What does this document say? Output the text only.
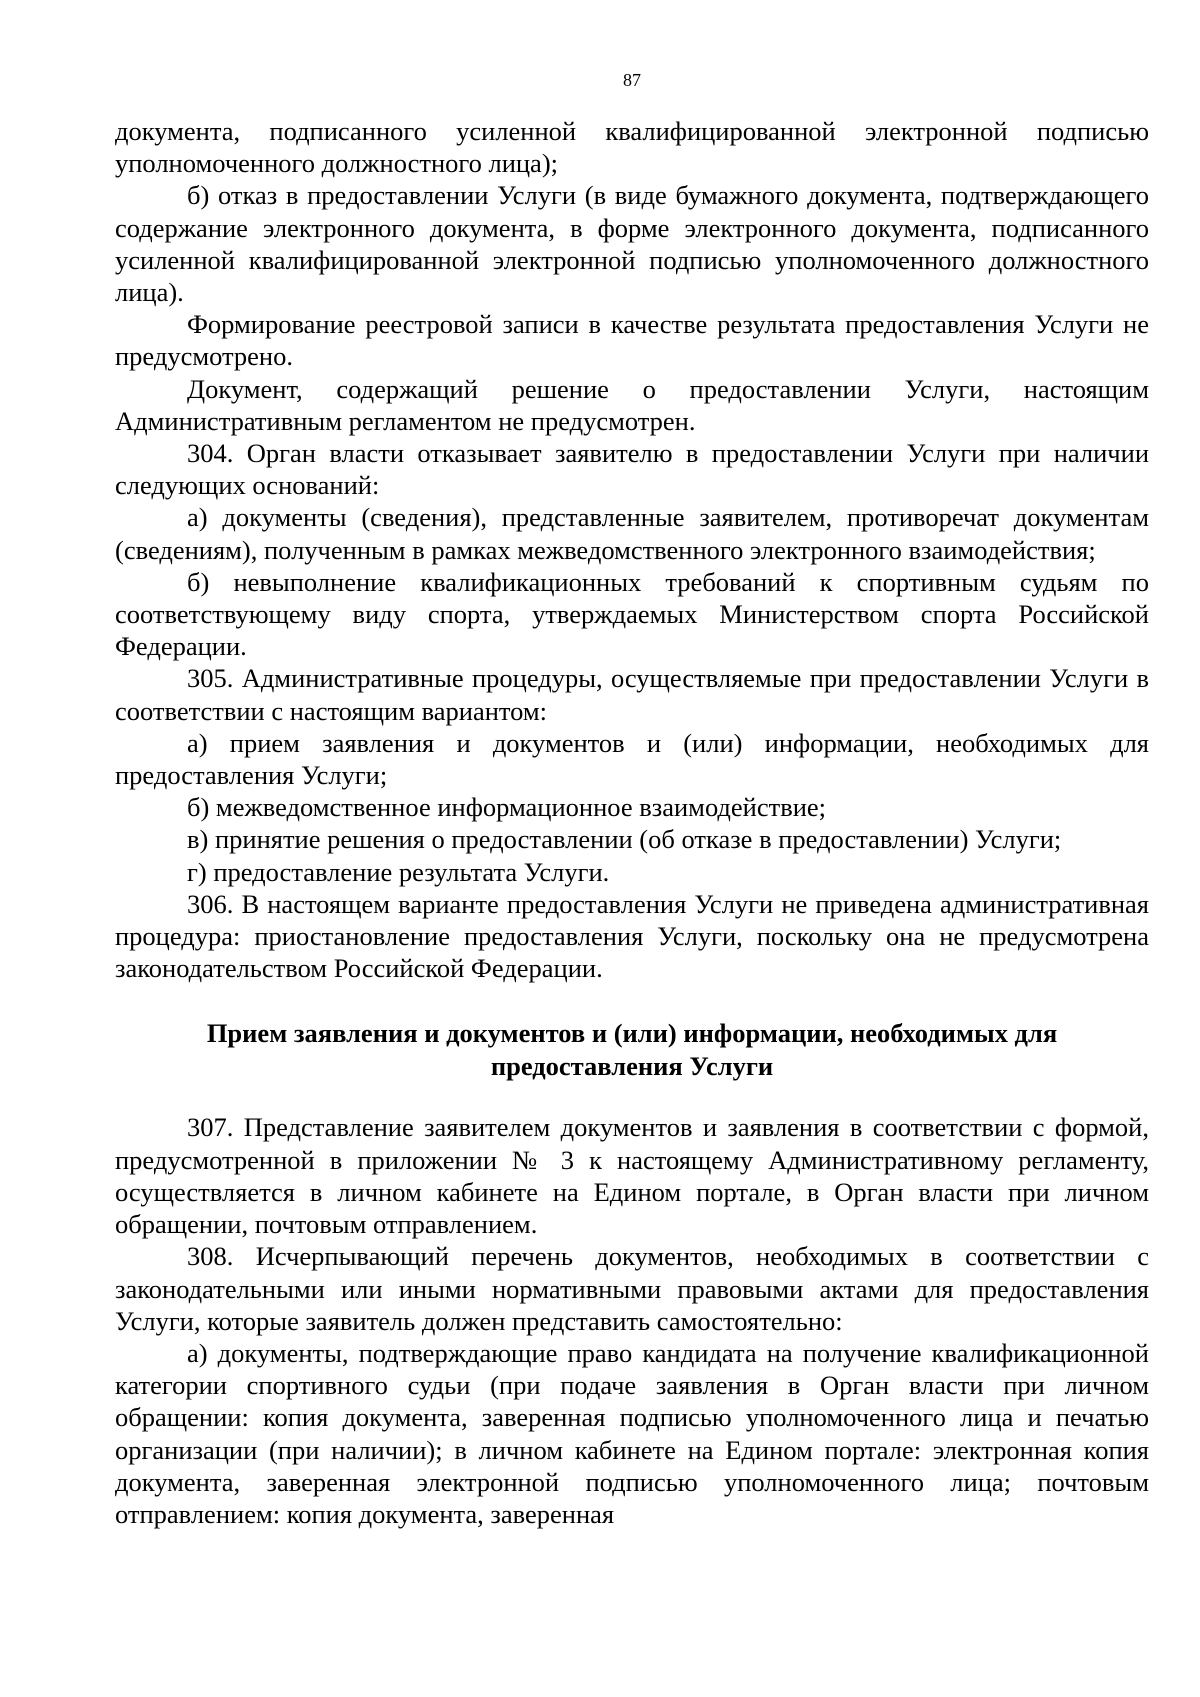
87

документа, подписанного усиленной квалифицированной электронной подписью уполномоченного должностного лица);

б) отказ в предоставлении Услуги (в виде бумажного документа, подтверждающего содержание электронного документа, в форме электронного документа, подписанного усиленной квалифицированной электронной подписью уполномоченного должностного лица).

Формирование реестровой записи в качестве результата предоставления Услуги не предусмотрено.

Документ, содержащий решение о предоставлении Услуги, настоящим Административным регламентом не предусмотрен.

304. Орган власти отказывает заявителю в предоставлении Услуги при наличии следующих оснований:

а) документы (сведения), представленные заявителем, противоречат документам (сведениям), полученным в рамках межведомственного электронного взаимодействия;

б) невыполнение квалификационных требований к спортивным судьям по соответствующему виду спорта, утверждаемых Министерством спорта Российской Федерации.

305. Административные процедуры, осуществляемые при предоставлении Услуги в соответствии с настоящим вариантом:

а) прием заявления и документов и (или) информации, необходимых для предоставления Услуги;

б) межведомственное информационное взаимодействие;

в) принятие решения о предоставлении (об отказе в предоставлении) Услуги;

г) предоставление результата Услуги.

306. В настоящем варианте предоставления Услуги не приведена административная процедура: приостановление предоставления Услуги, поскольку она не предусмотрена законодательством Российской Федерации.

Прием заявления и документов и (или) информации, необходимых для
предоставления Услуги

307. Представление заявителем документов и заявления в соответствии с формой, предусмотренной в приложении № 3 к настоящему Административному регламенту, осуществляется в личном кабинете на Едином портале, в Орган власти при личном обращении, почтовым отправлением.

308. Исчерпывающий перечень документов, необходимых в соответствии с законодательными или иными нормативными правовыми актами для предоставления Услуги, которые заявитель должен представить самостоятельно:

а) документы, подтверждающие право кандидата на получение квалификационной категории спортивного судьи (при подаче заявления в Орган власти при личном обращении: копия документа, заверенная подписью уполномоченного лица и печатью организации (при наличии); в личном кабинете на Едином портале: электронная копия документа, заверенная электронной подписью уполномоченного лица; почтовым отправлением: копия документа, заверенная
